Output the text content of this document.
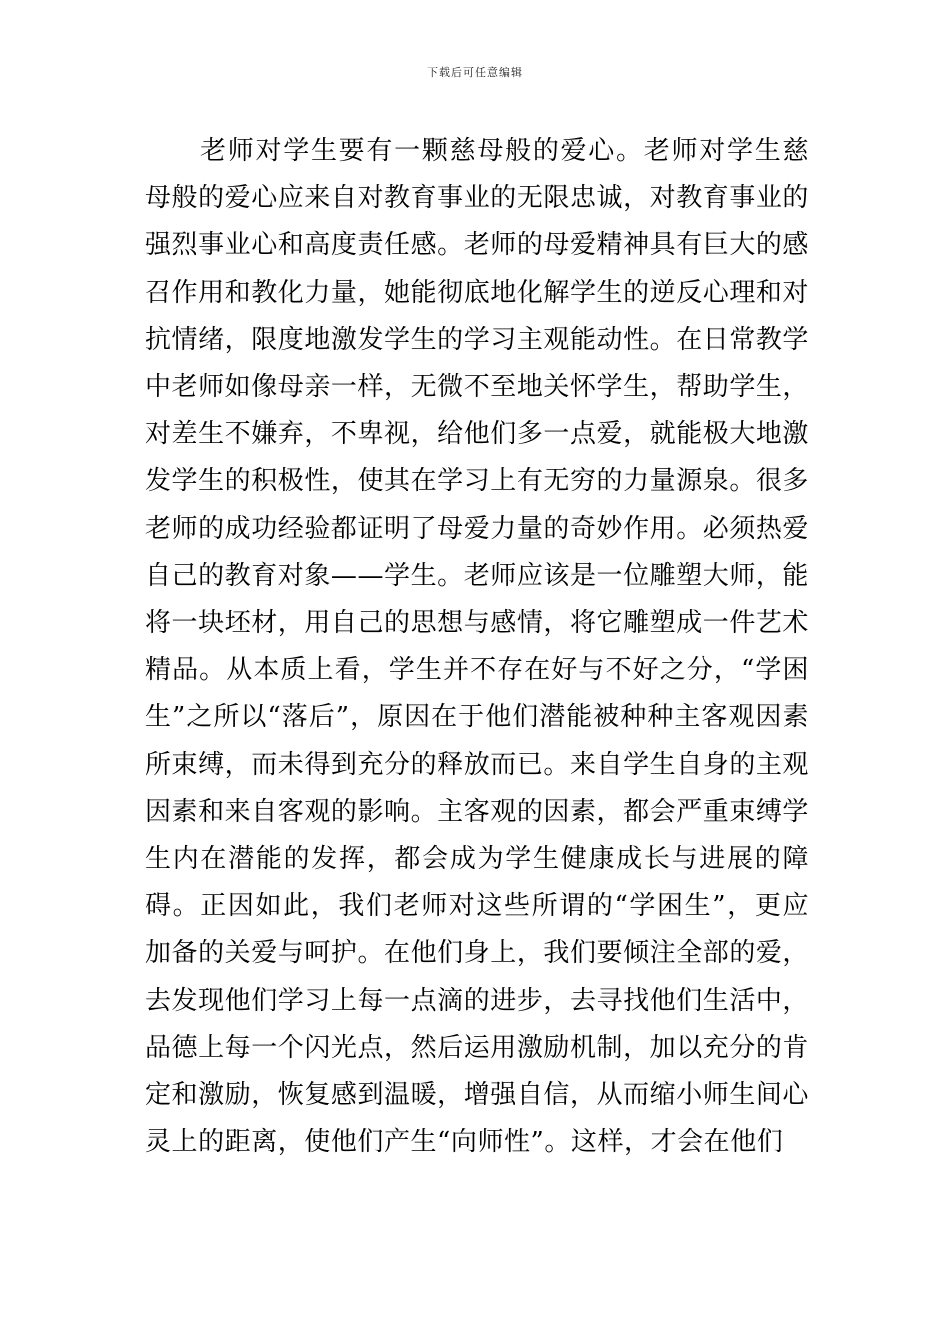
下载后可任意编辑

老师对学生要有一颗慈母般的爱心。老师对学生慈母般的爱心应来自对教育事业的无限忠诚，对教育事业的强烈事业心和高度责任感。老师的母爱精神具有巨大的感召作用和教化力量，她能彻底地化解学生的逆反心理和对抗情绪，限度地激发学生的学习主观能动性。在日常教学中老师如像母亲一样，无微不至地关怀学生，帮助学生，对差生不嫌弃，不卑视，给他们多一点爱，就能极大地激发学生的积极性，使其在学习上有无穷的力量源泉。很多老师的成功经验都证明了母爱力量的奇妙作用。必须热爱自己的教育对象——学生。老师应该是一位雕塑大师，能将一块坯材，用自己的思想与感情，将它雕塑成一件艺术精品。从本质上看，学生并不存在好与不好之分，“学困生”之所以“落后”，原因在于他们潜能被种种主客观因素所束缚，而未得到充分的释放而已。来自学生自身的主观因素和来自客观的影响。主客观的因素，都会严重束缚学生内在潜能的发挥，都会成为学生健康成长与进展的障碍。正因如此，我们老师对这些所谓的“学困生”，更应加备的关爱与呵护。在他们身上，我们要倾注全部的爱，去发现他们学习上每一点滴的进步，去寻找他们生活中，品德上每一个闪光点，然后运用激励机制，加以充分的肯定和激励，恢复感到温暖，增强自信，从而缩小师生间心灵上的距离，使他们产生“向师性”。这样，才会在他们
